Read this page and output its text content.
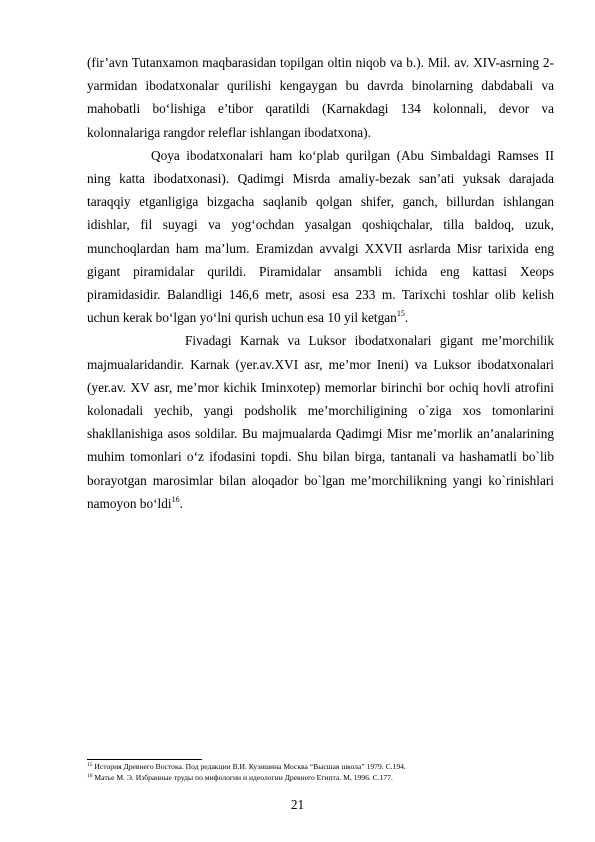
(fir’avn Tutanxamon maqbarasidan topilgan oltin niqob va b.). Mil. av. XIV-asrning 2-yarmidan ibodatxonalar qurilishi kengaygan bu davrda binolarning dabdabali va mahobatli bo‘lishiga e’tibor qaratildi (Karnakdagi 134 kolonnali, devor va kolonnalariga rangdor releflar ishlangan ibodatxona).

Qoya ibodatxonalari ham ko‘plab qurilgan (Abu Simbaldagi Ramses II ning katta ibodatxonasi). Qadimgi Misrda amaliy-bezak san’ati yuksak darajada taraqqiy etganligiga bizgacha saqlanib qolgan shifer, ganch, billurdan ishlangan idishlar, fil suyagi va yog‘ochdan yasalgan qoshiqchalar, tilla baldoq, uzuk, munchoqlardan ham ma’lum. Eramizdan avvalgi XXVII asrlarda Misr tarixida eng gigant piramidalar qurildi. Piramidalar ansambli ichida eng kattasi Xeops piramidasidir. Balandligi 146,6 metr, asosi esa 233 m. Tarixchi toshlar olib kelish uchun kerak bo‘lgan yo‘lni qurish uchun esa 10 yil ketgan$^{15}$.

Fivadagi Karnak va Luksor ibodatxonalari gigant me’morchilik majmualaridandir. Karnak (yer.av.XVI asr, me’mor Ineni) va Luksor ibodatxonalari (yer.av. XV asr, me’mor kichik Iminxotep) memorlar birinchi bor ochiq hovli atrofini kolonadali yechib, yangi podsholik me’morchiligining o`ziga xos tomonlarini shakllanishiga asos soldilar. Bu majmualarda Qadimgi Misr me’morlik an’analarining muhim tomonlari o‘z ifodasini topdi. Shu bilan birga, tantanali va hashamatli bo`lib borayotgan marosimlar bilan aloqador bo`lgan me’morchilikning yangi ko`rinishlari namoyon bo‘ldi$^{16}$.

$^{15}$ История Древнего Востока. Под редакции В.И. Кузишина Москва “Высшая школа” 1979. С.194.

$^{16}$ Матье М. Э. Избранные труды по мифологии и идеологии Древнего Египта. М, 1996. С.177.

21
